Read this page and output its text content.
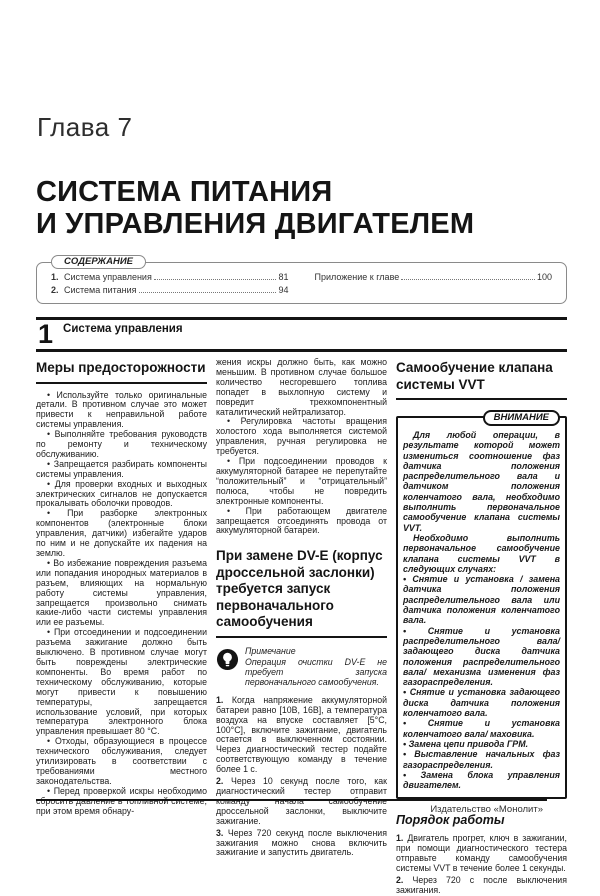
Глава 7
СИСТЕМА ПИТАНИЯ
И УПРАВЛЕНИЯ ДВИГАТЕЛЕМ
СОДЕРЖАНИЕ
1. Система управления	81
2. Система питания	94
Приложение к главе	100
1 Система управления
Меры предосторожности

• Используйте только оригинальные детали. В противном случае это может привести к неправильной работе системы управления.

• Выполняйте требования руководств по ремонту и техническому обслуживанию.

• Запрещается разбирать компоненты системы управления.

• Для проверки входных и выходных электрических сигналов не допускается прокалывать оболочки проводов.

• При разборке электронных компонентов (электронные блоки управления, датчики) избегайте ударов по ним и не допускайте их падения на землю.

• Во избежание повреждения разъема или попадания инородных материалов в разъем, влияющих на нормальную работу системы управления, запрещается произвольно снимать какие-либо части системы управления или ее разъемы.

• При отсоединении и подсоединении разъема зажигание должно быть выключено. В противном случае могут быть повреждены электрические компоненты. Во время работ по техническому обслуживанию, которые могут привести к повышению температуры, запрещается использование условий, при которых температура электронного блока управления превышает 80 °C.

• Отходы, образующиеся в процессе технического обслуживания, следует утилизировать в соответствии с требованиями местного законодательства.

• Перед проверкой искры необходимо сбросить давление в топливной системе, при этом время обнару-

жения искры должно быть, как можно меньшим. В противном случае большое количество несгоревшего топлива попадет в выхлопную систему и повредит трехкомпонентный каталитический нейтрализатор.

• Регулировка частоты вращения холостого хода выполняется системой управления, ручная регулировка не требуется.

• При подсоединении проводов к аккумуляторной батарее не перепутайте “положительный” и “отрицательный” полюса, чтобы не повредить электронные компоненты.

• При работающем двигателе запрещается отсоединять провода от аккумуляторной батареи.

При замене DV-E (корпус дроссельной заслонки) требуется запуск первоначального самообучения
Примечание
Операция очистки DV-E не требует запуска первоначального самообучения.

1. Когда напряжение аккумуляторной батареи равно [10В, 16В], а температура воздуха на впуске составляет [5°C, 100°C], включите зажигание, двигатель остается в выключенном состоянии. Через диагностический тестер подайте соответствующую команду в течение более 1 с.

2. Через 10 секунд после того, как диагностический тестер отправит команду начала самообучение дроссельной заслонки, выключите зажигание.

3. Через 720 секунд после выключения зажигания можно снова включить зажигание и запустить двигатель.

Самообучение клапана системы VVT
ВНИМАНИЕ

Для любой операции, в результате которой может измениться соотношение фаз датчика положения распределительного вала и датчиком положения коленчатого вала, необходимо выполнить первоначальное самообучение клапана системы VVT.

Необходимо выполнить первоначальное самообучение клапана системы VVT в следующих случаях:

• Снятие и установка / замена датчика положения распределительного вала или датчика положения коленчатого вала.

• Снятие и установка распределительного вала/ задающего диска датчика положения распределительного вала/ механизма изменения фаз газораспределения.

• Снятие и установка задающего диска датчика положения коленчатого вала.

• Снятие и установка коленчатого вала/ маховика.

• Замена цепи привода ГРМ.

• Выставление начальных фаз газораспределения.

• Замена блока управления двигателем.

Порядок работы

1. Двигатель прогрет, ключ в зажигании, при помощи диагностического тестера отправьте команду самообучения системы VVT в течение более 1 секунды.

2. Через 720 с после выключения зажигания.

Издательство «Монолит»
